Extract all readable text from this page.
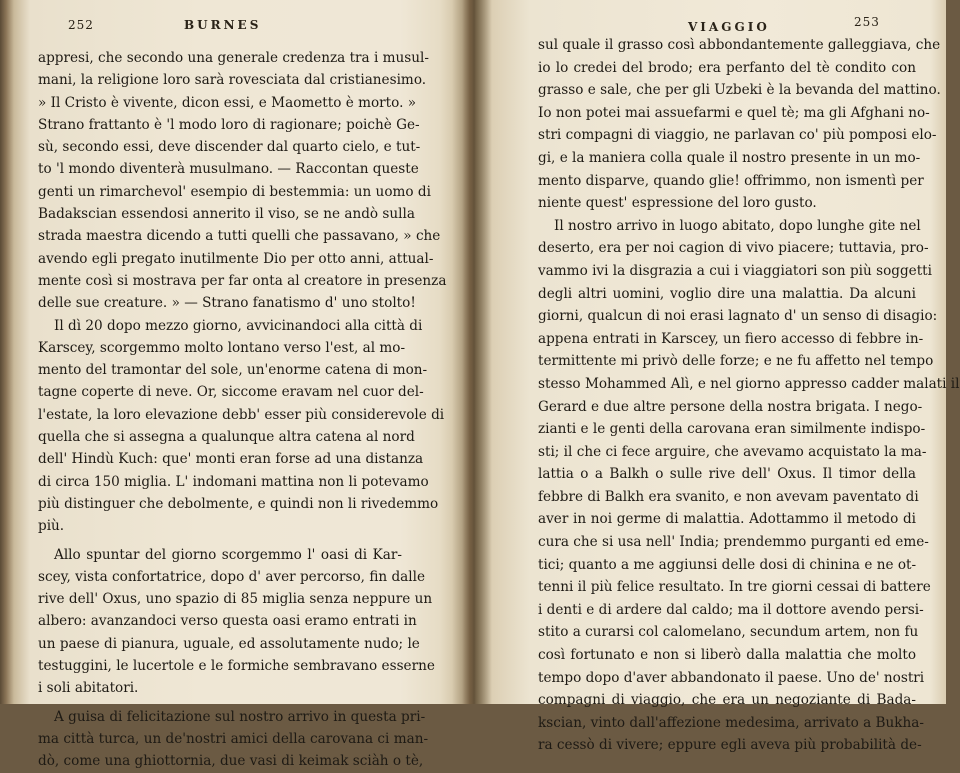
252	BURNES
appresi, che secondo una generale credenza tra i musul-
mani, la religione loro sarà rovesciata dal cristianesimo.
» Il Cristo è vivente, dicon essi, e Maometto è morto. »
Strano frattanto è 'l modo loro di ragionare; poichè Ge-
sù, secondo essi, deve discender dal quarto cielo, e tut-
to 'l mondo diventerà musulmano. — Raccontan queste
genti un rimarchevol' esempio di bestemmia: un uomo di
Badakscian essendosi annerito il viso, se ne andò sulla
strada maestra dicendo a tutti quelli che passavano, » che
avendo egli pregato inutilmente Dio per otto anni, attual-
mente così si mostrava per far onta al creatore in presenza
delle sue creature. » — Strano fanatismo d' uno stolto!
Il dì 20 dopo mezzo giorno, avvicinandoci alla città di
Karscey, scorgemmo molto lontano verso l'est, al mo-
mento del tramontar del sole, un'enorme catena di mon-
tagne coperte di neve. Or, siccome eravam nel cuor del-
l'estate, la loro elevazione debb' esser più considerevole di
quella che si assegna a qualunque altra catena al nord
dell' Hindù Kuch: que' monti eran forse ad una distanza
di circa 150 miglia. L' indomani mattina non li potevamo
più distinguer che debolmente, e quindi non li rivedemmo
più.
Allo spuntar del giorno scorgemmo l' oasi di Kar-
scey, vista confortatrice, dopo d' aver percorso, fin dalle
rive dell' Oxus, uno spazio di 85 miglia senza neppure un
albero: avanzandoci verso questa oasi eramo entrati in
un paese di pianura, uguale, ed assolutamente nudo; le
testuggini, le lucertole e le formiche sembravano esserne
i soli abitatori.
A guisa di felicitazione sul nostro arrivo in questa pri-
ma città turca, un de'nostri amici della carovana ci man-
dò, come una ghiottornia, due vasi di keimak sciàh o tè,
VIAGGIO	253
sul quale il grasso così abbondantemente galleggiava, che
io lo credei del brodo; era perfanto del tè condito con
grasso e sale, che per gli Uzbeki è la bevanda del mattino.
Io non potei mai assuefarmi e quel tè; ma gli Afghani no-
stri compagni di viaggio, ne parlavan co' più pomposi elo-
gi, e la maniera colla quale il nostro presente in un mo-
mento disparve, quando glie! offrimmo, non ismentì per
niente quest' espressione del loro gusto.
Il nostro arrivo in luogo abitato, dopo lunghe gite nel
deserto, era per noi cagion di vivo piacere; tuttavia, pro-
vammo ivi la disgrazia a cui i viaggiatori son più soggetti
degli altri uomini, voglio dire una malattia. Da alcuni
giorni, qualcun di noi erasi lagnato d' un senso di disagio:
appena entrati in Karscey, un fiero accesso di febbre in-
termittente mi privò delle forze; e ne fu affetto nel tempo
stesso Mohammed Alì, e nel giorno appresso cadder malati il
Gerard e due altre persone della nostra brigata. I nego-
zianti e le genti della carovana eran similmente indispo-
sti; il che ci fece arguire, che avevamo acquistato la ma-
lattia o a Balkh o sulle rive dell' Oxus. Il timor della
febbre di Balkh era svanito, e non avevam paventato di
aver in noi germe di malattia. Adottammo il metodo di
cura che si usa nell' India; prendemmo purganti ed eme-
tici; quanto a me aggiunsi delle dosi di chinina e ne ot-
tenni il più felice resultato. In tre giorni cessai di battere
i denti e di ardere dal caldo; ma il dottore avendo persi-
stito a curarsi col calomelano, secundum artem, non fu
così fortunato e non si liberò dalla malattia che molto
tempo dopo d'aver abbandonato il paese. Uno de' nostri
compagni di viaggio, che era un negoziante di Bada-
kscian, vinto dall'affezione medesima, arrivato a Bukha-
ra cessò di vivere; eppure egli aveva più probabilità de-
